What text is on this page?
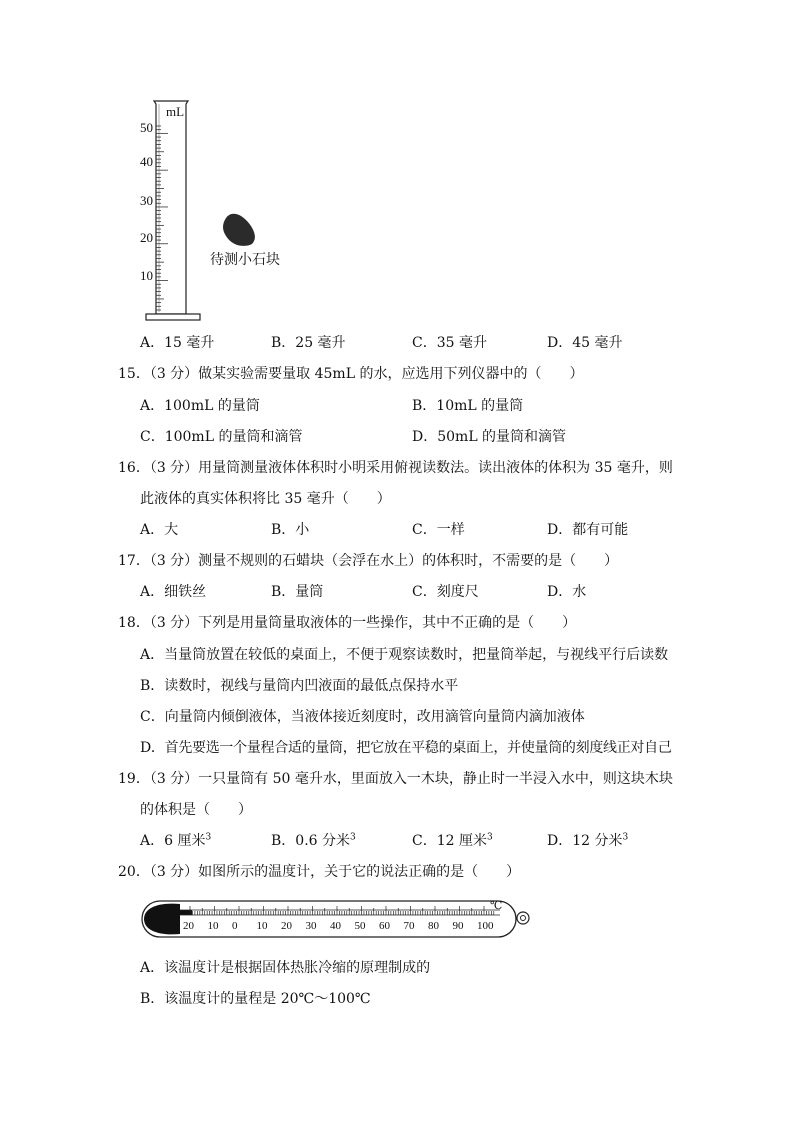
mL
50
40
30
20
10
待测小石块
A．15 毫升	B．25 毫升	C．35 毫升	D．45 毫升
15．（3 分）做某实验需要量取 45mL 的水，应选用下列仪器中的（　　）
A．100mL 的量筒	B．10mL 的量筒
C．100mL 的量筒和滴管	D．50mL 的量筒和滴管
16．（3 分）用量筒测量液体体积时小明采用俯视读数法。读出液体的体积为 35 毫升，则
此液体的真实体积将比 35 毫升（　　）
A．大	B．小	C．一样	D．都有可能
17．（3 分）测量不规则的石蜡块（会浮在水上）的体积时，不需要的是（　　）
A．细铁丝	B．量筒	C．刻度尺	D．水
18．（3 分）下列是用量筒量取液体的一些操作，其中不正确的是（　　）
A．当量筒放置在较低的桌面上，不便于观察读数时，把量筒举起，与视线平行后读数
B．读数时，视线与量筒内凹液面的最低点保持水平
C．向量筒内倾倒液体，当液体接近刻度时，改用滴管向量筒内滴加液体
D．首先要选一个量程合适的量筒，把它放在平稳的桌面上，并使量筒的刻度线正对自己
19．（3 分）一只量筒有 50 毫升水，里面放入一木块，静止时一半浸入水中，则这块木块
的体积是（　　）
A．6 厘米$^3$	B．0.6 分米$^3$	C．12 厘米$^3$	D．12 分米$^3$
20．（3 分）如图所示的温度计，关于它的说法正确的是（　　）
℃
20 10 0 10 20 30 40 50 60 70 80 90 100
A．该温度计是根据固体热胀冷缩的原理制成的
B．该温度计的量程是 20℃～100℃
